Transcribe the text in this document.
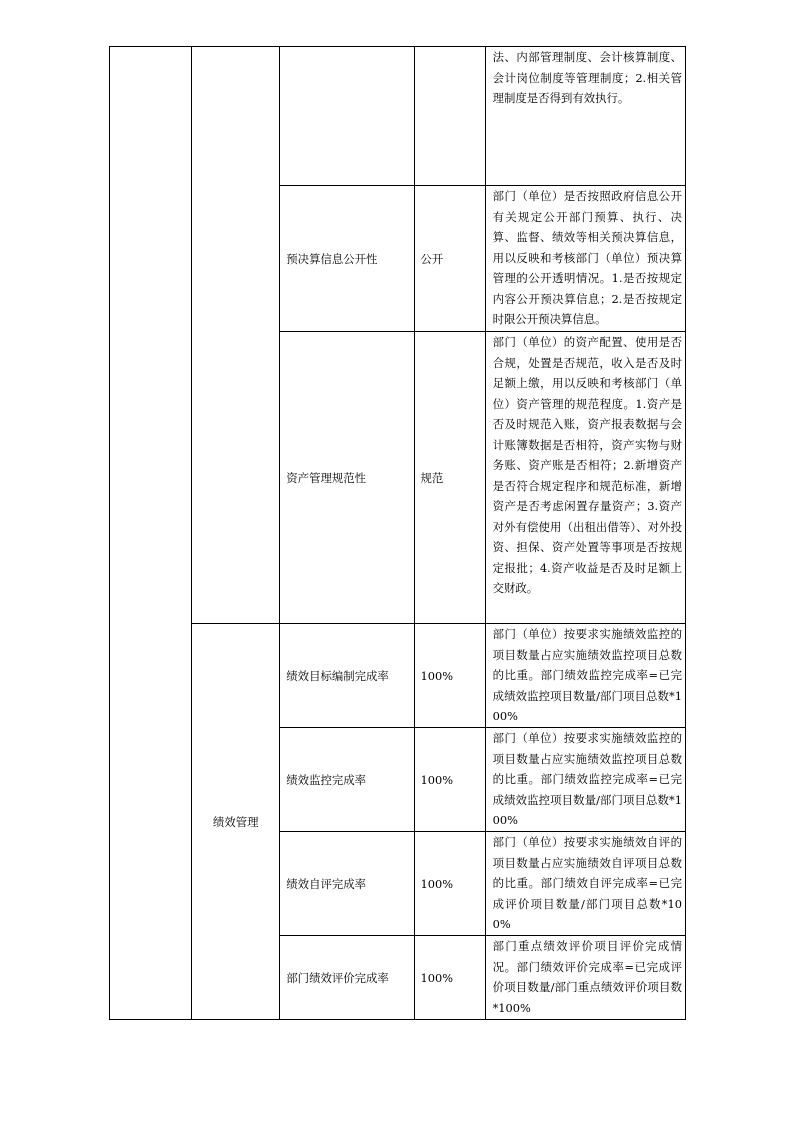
				法、内部管理制度、会计核算制度、会计岗位制度等管理制度；2.相关管理制度是否得到有效执行。

		预决算信息公开性	公开	部门（单位）是否按照政府信息公开有关规定公开部门预算、执行、决算、监督、绩效等相关预决算信息，用以反映和考核部门（单位）预决算管理的公开透明情况。1.是否按规定内容公开预决算信息；2.是否按规定时限公开预决算信息。

		资产管理规范性	规范	部门（单位）的资产配置、使用是否合规，处置是否规范，收入是否及时足额上缴，用以反映和考核部门（单位）资产管理的规范程度。1.资产是否及时规范入账，资产报表数据与会计账簿数据是否相符，资产实物与财务账、资产账是否相符；2.新增资产是否符合规定程序和规范标准，新增资产是否考虑闲置存量资产；3.资产对外有偿使用（出租出借等）、对外投资、担保、资产处置等事项是否按规定报批；4.资产收益是否及时足额上交财政。

	绩效管理	绩效目标编制完成率	100%	部门（单位）按要求实施绩效监控的项目数量占应实施绩效监控项目总数的比重。部门绩效监控完成率=已完成绩效监控项目数量/部门项目总数*100%

		绩效监控完成率	100%	部门（单位）按要求实施绩效监控的项目数量占应实施绩效监控项目总数的比重。部门绩效监控完成率=已完成绩效监控项目数量/部门项目总数*100%

		绩效自评完成率	100%	部门（单位）按要求实施绩效自评的项目数量占应实施绩效自评项目总数的比重。部门绩效自评完成率=已完成评价项目数量/部门项目总数*100%

		部门绩效评价完成率	100%	部门重点绩效评价项目评价完成情况。部门绩效评价完成率=已完成评价项目数量/部门重点绩效评价项目数*100%
